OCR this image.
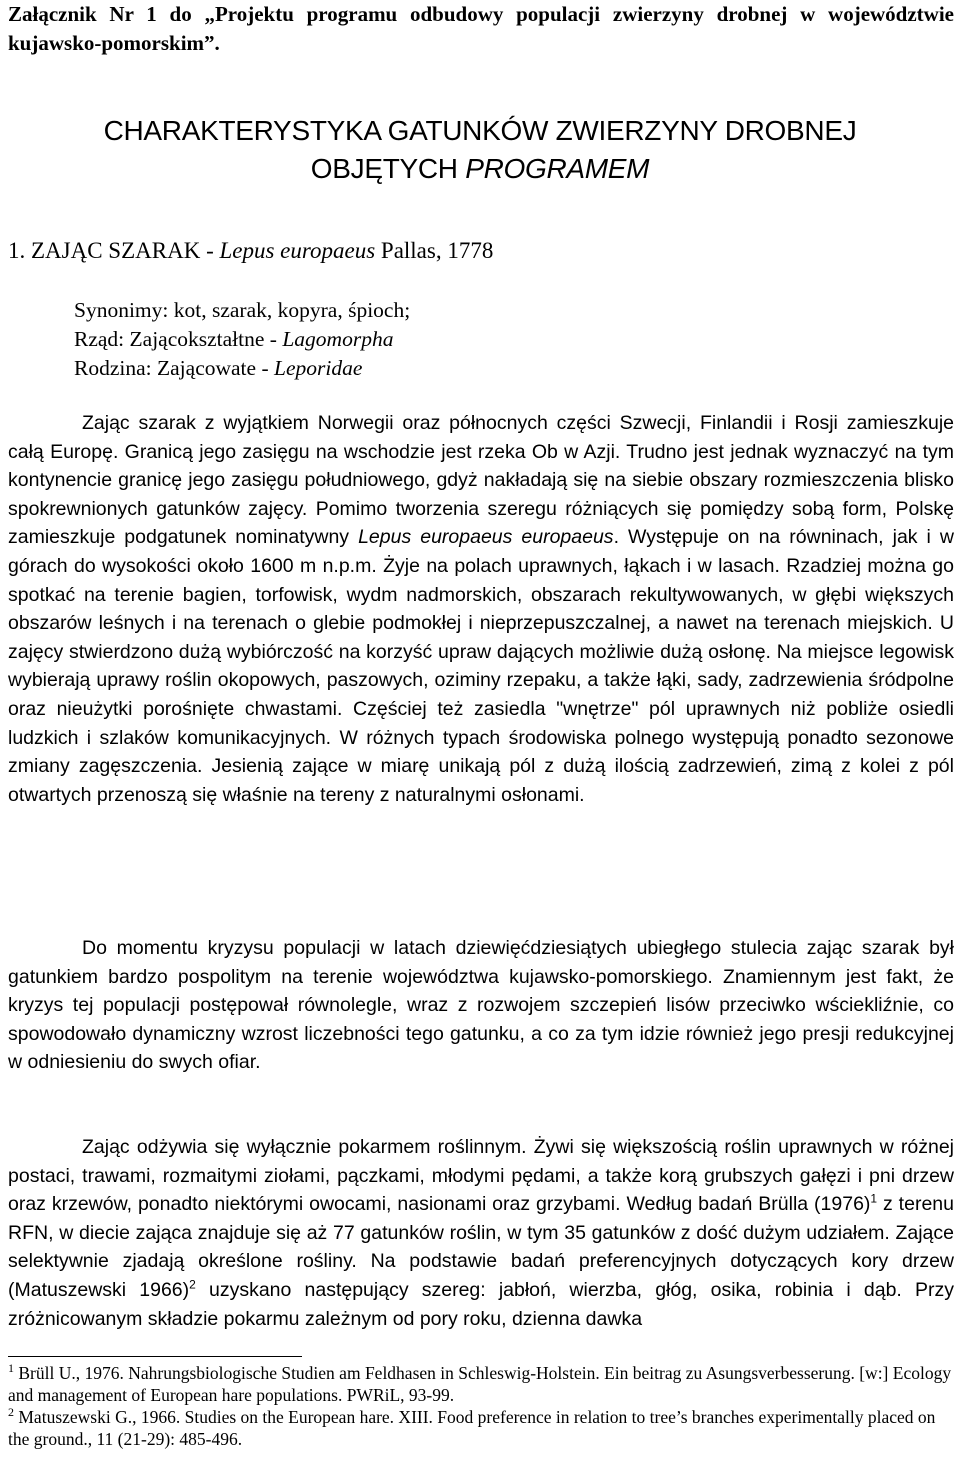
Załącznik Nr 1 do „Projektu programu odbudowy populacji zwierzyny drobnej w województwie kujawsko-pomorskim”.
CHARAKTERYSTYKA GATUNKÓW ZWIERZYNY DROBNEJ
OBJĘTYCH PROGRAMEM
1. ZAJĄC SZARAK - Lepus europaeus Pallas, 1778
Synonimy: kot, szarak, kopyra, śpioch;
Rząd: Zającokształtne - Lagomorpha
Rodzina: Zającowate - Leporidae
Zając szarak z wyjątkiem Norwegii oraz północnych części Szwecji, Finlandii i Rosji zamieszkuje całą Europę. Granicą jego zasięgu na wschodzie jest rzeka Ob w Azji. Trudno jest jednak wyznaczyć na tym kontynencie granicę jego zasięgu południowego, gdyż nakładają się na siebie obszary rozmieszczenia blisko spokrewnionych gatunków zajęcy. Pomimo tworzenia szeregu różniących się pomiędzy sobą form, Polskę zamieszkuje podgatunek nominatywny Lepus europaeus europaeus. Występuje on na równinach, jak i w górach do wysokości około 1600 m n.p.m. Żyje na polach uprawnych, łąkach i w lasach. Rzadziej można go spotkać na terenie bagien, torfowisk, wydm nadmorskich, obszarach rekultywowanych, w głębi większych obszarów leśnych i na terenach o glebie podmokłej i nieprzepuszczalnej, a nawet na terenach miejskich. U zajęcy stwierdzono dużą wybiórczość na korzyść upraw dających możliwie dużą osłonę. Na miejsce legowisk wybierają uprawy roślin okopowych, paszowych, oziminy rzepaku, a także łąki, sady, zadrzewienia śródpolne oraz nieużytki porośnięte chwastami. Częściej też zasiedla "wnętrze" pól uprawnych niż pobliże osiedli ludzkich i szlaków komunikacyjnych. W różnych typach środowiska polnego występują ponadto sezonowe zmiany zagęszczenia. Jesienią zające w miarę unikają pól z dużą ilością zadrzewień, zimą z kolei z pól otwartych przenoszą się właśnie na tereny z naturalnymi osłonami.
Do momentu kryzysu populacji w latach dziewięćdziesiątych ubiegłego stulecia zając szarak był gatunkiem bardzo pospolitym na terenie województwa kujawsko-pomorskiego. Znamiennym jest fakt, że kryzys tej populacji postępował równolegle, wraz z rozwojem szczepień lisów przeciwko wściekliźnie, co spowodowało dynamiczny wzrost liczebności tego gatunku, a co za tym idzie również jego presji redukcyjnej w odniesieniu do swych ofiar.
Zając odżywia się wyłącznie pokarmem roślinnym. Żywi się większością roślin uprawnych w różnej postaci, trawami, rozmaitymi ziołami, pączkami, młodymi pędami, a także korą grubszych gałęzi i pni drzew oraz krzewów, ponadto niektórymi owocami, nasionami oraz grzybami. Według badań Brülla $(1976)^1$ z terenu RFN, w diecie zająca znajduje się aż 77 gatunków roślin, w tym 35 gatunków z dość dużym udziałem. Zające selektywnie zjadają określone rośliny. Na podstawie badań preferencyjnych dotyczących kory drzew (Matuszewski 1966)$^2$ uzyskano następujący szereg: jabłoń, wierzba, głóg, osika, robinia i dąb. Przy zróżnicowanym składzie pokarmu zależnym od pory roku, dzienna dawka
$^1$ Brüll U., 1976. Nahrungsbiologische Studien am Feldhasen in Schleswig-Holstein. Ein beitrag zu Asungsverbesserung. [w:] Ecology and management of European hare populations. PWRiL, 93-99.
$^2$ Matuszewski G., 1966. Studies on the European hare. XIII. Food preference in relation to tree’s branches experimentally placed on the ground., 11 (21-29): 485-496.
